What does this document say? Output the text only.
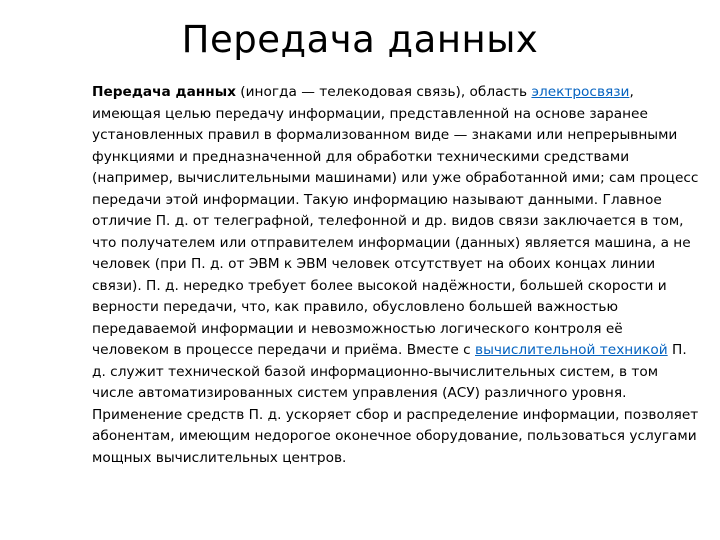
Передача данных

Передача данных (иногда — телекодовая связь), область электросвязи, имеющая целью передачу информации, представленной на основе заранее установленных правил в формализованном виде — знаками или непрерывными функциями и предназначенной для обработки техническими средствами (например, вычислительными машинами) или уже обработанной ими; сам процесс передачи этой информации. Такую информацию называют данными. Главное отличие П. д. от телеграфной, телефонной и др. видов связи заключается в том, что получателем или отправителем информации (данных) является машина, а не человек (при П. д. от ЭВМ к ЭВМ человек отсутствует на обоих концах линии связи). П. д. нередко требует более высокой надёжности, большей скорости и верности передачи, что, как правило, обусловлено большей важностью передаваемой информации и невозможностью логического контроля её человеком в процессе передачи и приёма. Вместе с вычислительной техникой П. д. служит технической базой информационно-вычислительных систем, в том числе автоматизированных систем управления (АСУ) различного уровня. Применение средств П. д. ускоряет сбор и распределение информации, позволяет абонентам, имеющим недорогое оконечное оборудование, пользоваться услугами мощных вычислительных центров.
